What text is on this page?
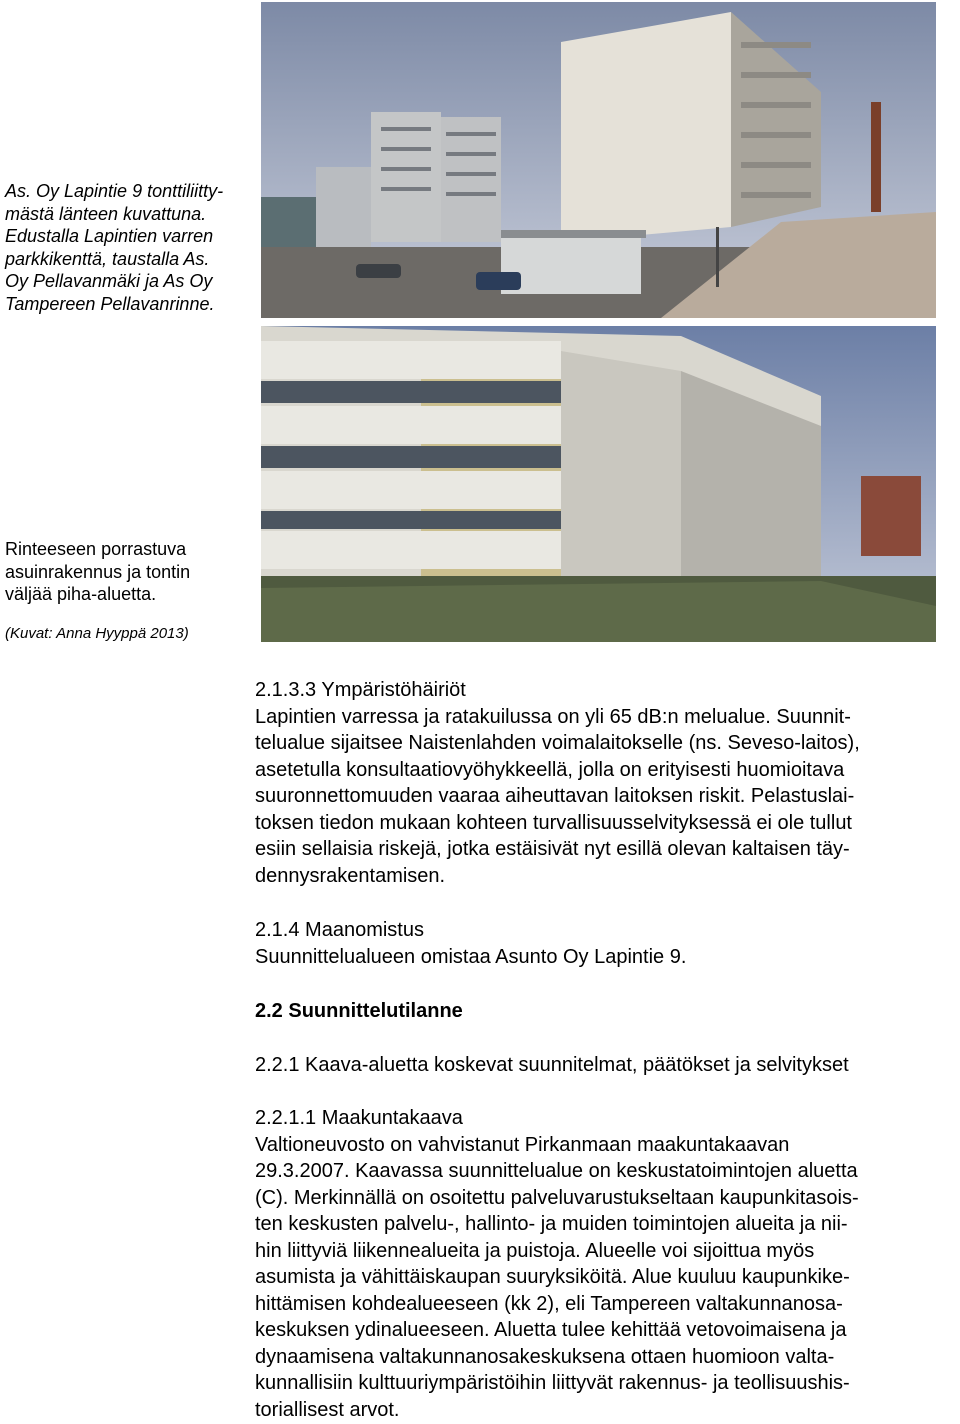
As. Oy Lapintie 9 tonttiliitty-
mästä länteen kuvattuna.
Edustalla Lapintien varren
parkkikenttä, taustalla As.
Oy Pellavanmäki ja As Oy
Tampereen Pellavanrinne.
Rinteeseen porrastuva
asuinrakennus ja tontin
väljää piha-aluetta.
(Kuvat: Anna Hyyppä 2013)

2.1.3.3 Ympäristöhäiriöt

Lapintien varressa ja ratakuilussa on yli 65 dB:n melualue. Suunnit-

telualue sijaitsee Naistenlahden voimalaitokselle (ns. Seveso-laitos),

asetetulla konsultaatiovyöhykkeellä, jolla on erityisesti huomioitava

suuronnettomuuden vaaraa aiheuttavan laitoksen riskit. Pelastuslai-

toksen tiedon mukaan kohteen turvallisuusselvityksessä ei ole tullut

esiin sellaisia riskejä, jotka estäisivät nyt esillä olevan kaltaisen täy-

dennysrakentamisen.

2.1.4 Maanomistus

Suunnittelualueen omistaa Asunto Oy Lapintie 9.

2.2 Suunnittelutilanne

2.2.1 Kaava-aluetta koskevat suunnitelmat, päätökset ja selvitykset

2.2.1.1 Maakuntakaava

Valtioneuvosto on vahvistanut Pirkanmaan maakuntakaavan

29.3.2007. Kaavassa suunnittelualue on keskustatoimintojen aluetta

(C). Merkinnällä on osoitettu palveluvarustukseltaan kaupunkitasois-

ten keskusten palvelu-, hallinto- ja muiden toimintojen alueita ja nii-

hin liittyviä liikennealueita ja puistoja. Alueelle voi sijoittua myös

asumista ja vähittäiskaupan suuryksiköitä. Alue kuuluu kaupunkike-

hittämisen kohdealueeseen (kk 2), eli Tampereen valtakunnanosa-

keskuksen ydinalueeseen. Aluetta tulee kehittää vetovoimaisena ja

dynaamisena valtakunnanosakeskuksena ottaen huomioon valta-

kunnallisiin kulttuuriympäristöihin liittyvät rakennus- ja teollisuushis-

toriallisest arvot.
